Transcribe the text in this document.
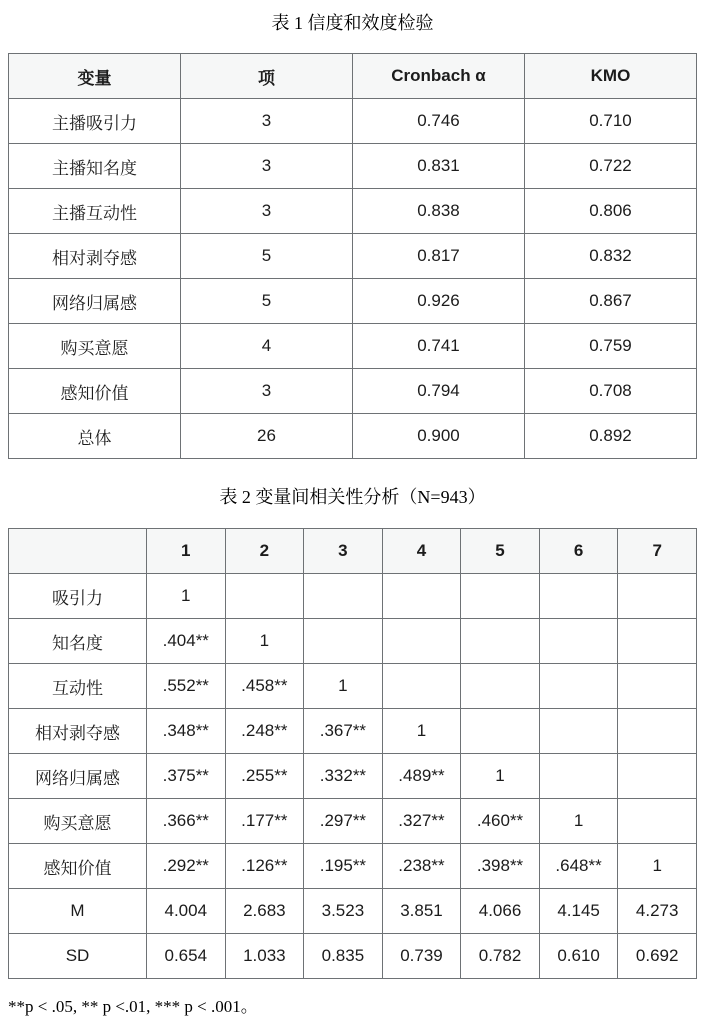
表 1 信度和效度检验
变量	项	Cronbach α	KMO
主播吸引力	3	0.746	0.710
主播知名度	3	0.831	0.722
主播互动性	3	0.838	0.806
相对剥夺感	5	0.817	0.832
网络归属感	5	0.926	0.867
购买意愿	4	0.741	0.759
感知价值	3	0.794	0.708
总体	26	0.900	0.892
表 2 变量间相关性分析（N=943）
	1	2	3	4	5	6	7
吸引力	1						
知名度	.404**	1					
互动性	.552**	.458**	1				
相对剥夺感	.348**	.248**	.367**	1			
网络归属感	.375**	.255**	.332**	.489**	1		
购买意愿	.366**	.177**	.297**	.327**	.460**	1	
感知价值	.292**	.126**	.195**	.238**	.398**	.648**	1
M	4.004	2.683	3.523	3.851	4.066	4.145	4.273
SD	0.654	1.033	0.835	0.739	0.782	0.610	0.692
**p < .05, ** p <.01, *** p < .001。
